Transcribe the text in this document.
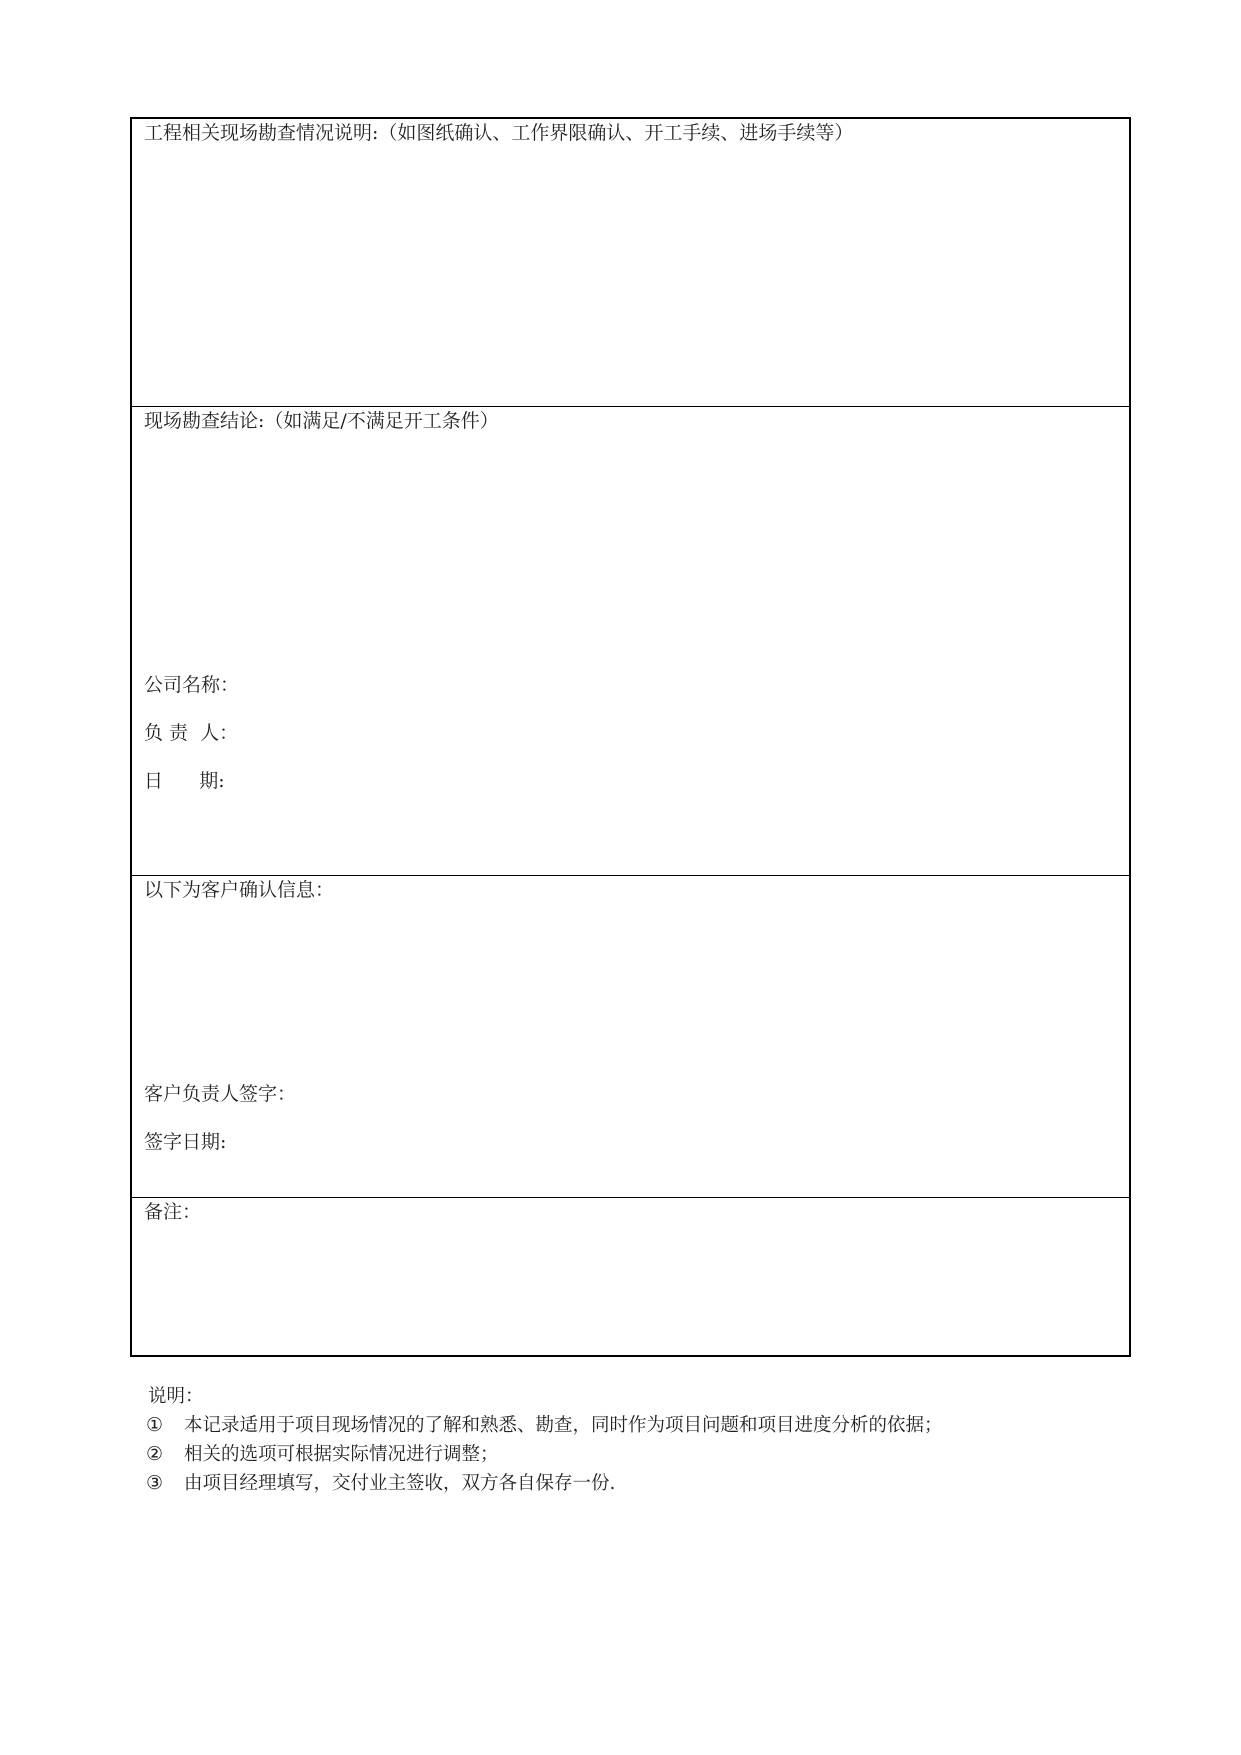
工程相关现场勘查情况说明:（如图纸确认、工作界限确认、开工手续、进场手续等）
现场勘查结论:（如满足/不满足开工条件）
公司名称：
负 责  人：
日      期:
以下为客户确认信息：
客户负责人签字：
签字日期:
备注：
说明：
①	本记录适用于项目现场情况的了解和熟悉、勘查，同时作为项目问题和项目进度分析的依据；
②	相关的选项可根据实际情况进行调整；
③	由项目经理填写，交付业主签收，双方各自保存一份.
